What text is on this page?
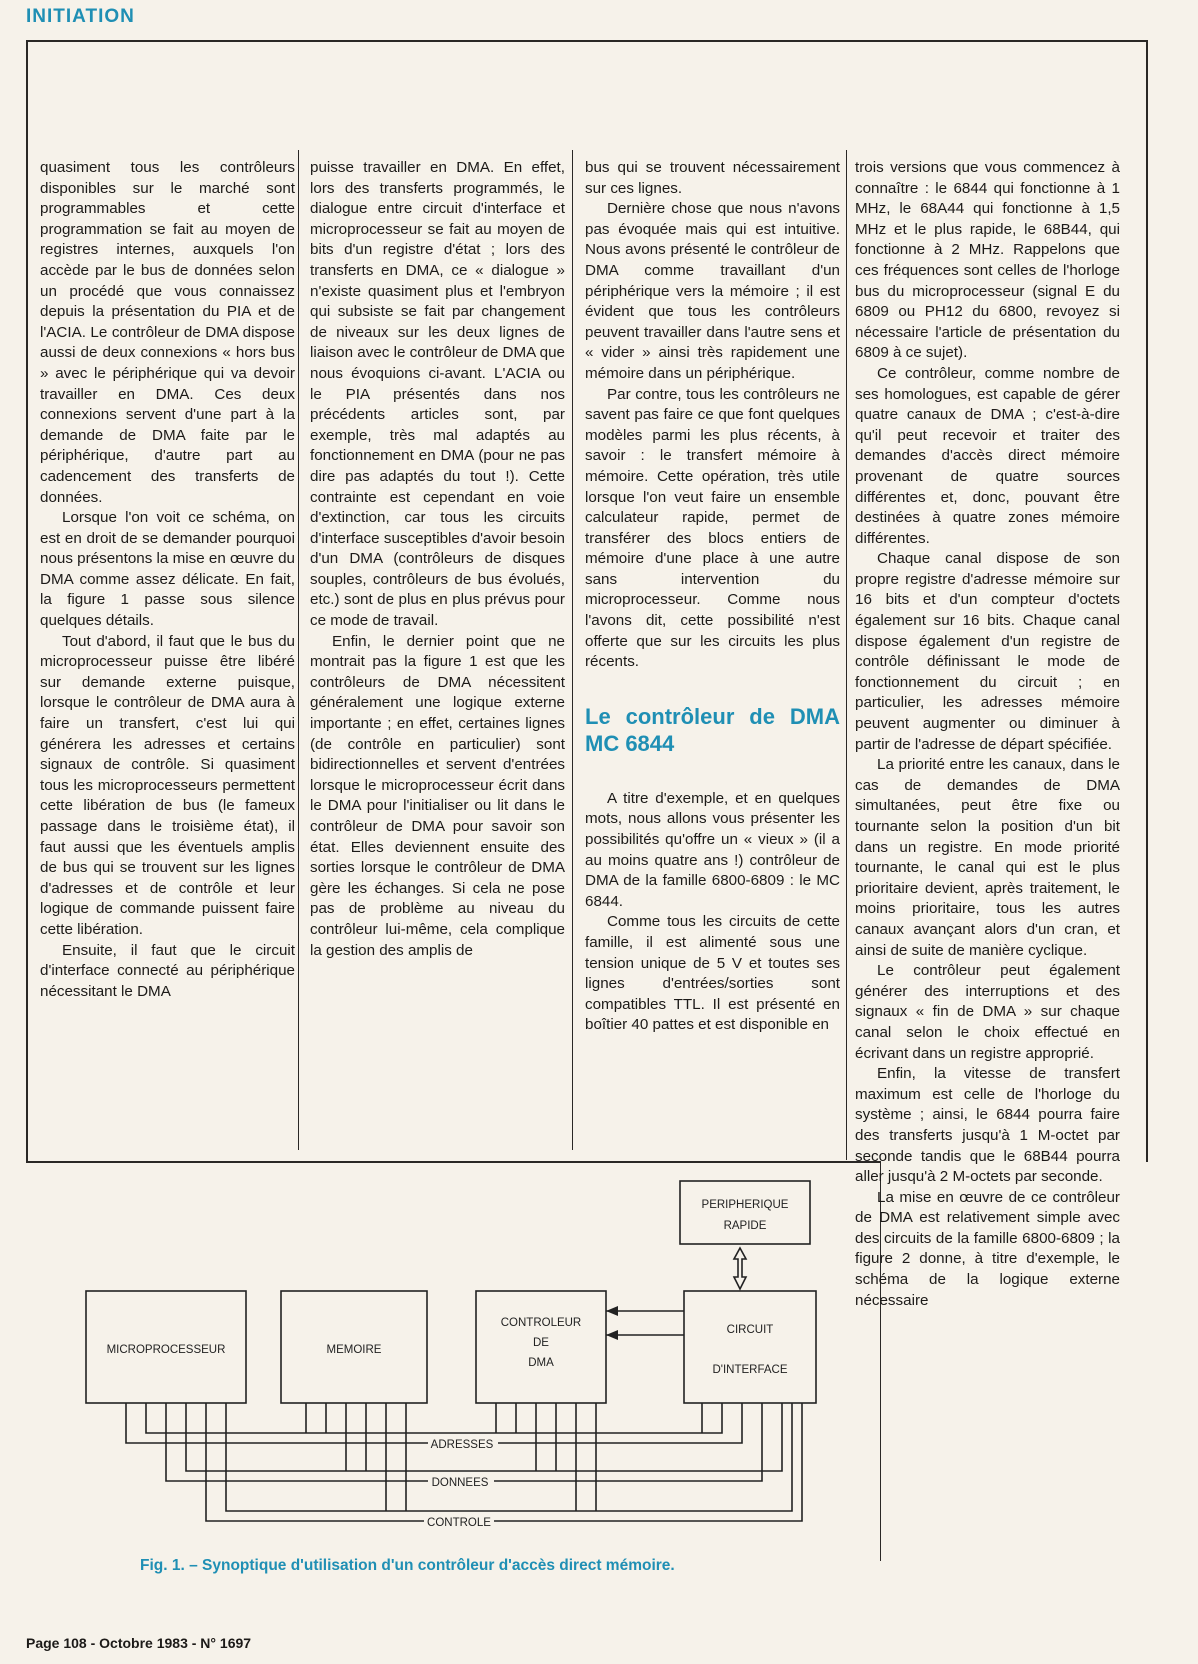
INITIATION

quasiment tous les contrôleurs disponibles sur le marché sont programmables et cette programmation se fait au moyen de registres internes, auxquels l'on accède par le bus de données selon un procédé que vous connaissez depuis la présentation du PIA et de l'ACIA. Le contrôleur de DMA dispose aussi de deux connexions « hors bus » avec le périphérique qui va devoir travailler en DMA. Ces deux connexions servent d'une part à la demande de DMA faite par le périphérique, d'autre part au cadencement des transferts de données.

Lorsque l'on voit ce schéma, on est en droit de se demander pourquoi nous présentons la mise en œuvre du DMA comme assez délicate. En fait, la figure 1 passe sous silence quelques détails.

Tout d'abord, il faut que le bus du microprocesseur puisse être libéré sur demande externe puisque, lorsque le contrôleur de DMA aura à faire un transfert, c'est lui qui générera les adresses et certains signaux de contrôle. Si quasiment tous les microprocesseurs permettent cette libération de bus (le fameux passage dans le troisième état), il faut aussi que les éventuels amplis de bus qui se trouvent sur les lignes d'adresses et de contrôle et leur logique de commande puissent faire cette libération.

Ensuite, il faut que le circuit d'interface connecté au périphérique nécessitant le DMA

puisse travailler en DMA. En effet, lors des transferts programmés, le dialogue entre circuit d'interface et microprocesseur se fait au moyen de bits d'un registre d'état ; lors des transferts en DMA, ce « dialogue » n'existe quasiment plus et l'embryon qui subsiste se fait par changement de niveaux sur les deux lignes de liaison avec le contrôleur de DMA que nous évoquions ci-avant. L'ACIA ou le PIA présentés dans nos précédents articles sont, par exemple, très mal adaptés au fonctionnement en DMA (pour ne pas dire pas adaptés du tout !). Cette contrainte est cependant en voie d'extinction, car tous les circuits d'interface susceptibles d'avoir besoin d'un DMA (contrôleurs de disques souples, contrôleurs de bus évolués, etc.) sont de plus en plus prévus pour ce mode de travail.

Enfin, le dernier point que ne montrait pas la figure 1 est que les contrôleurs de DMA nécessitent généralement une logique externe importante ; en effet, certaines lignes (de contrôle en particulier) sont bidirectionnelles et servent d'entrées lorsque le microprocesseur écrit dans le DMA pour l'initialiser ou lit dans le contrôleur de DMA pour savoir son état. Elles deviennent ensuite des sorties lorsque le contrôleur de DMA gère les échanges. Si cela ne pose pas de problème au niveau du contrôleur lui-même, cela complique la gestion des amplis de

bus qui se trouvent nécessairement sur ces lignes.

Dernière chose que nous n'avons pas évoquée mais qui est intuitive. Nous avons présenté le contrôleur de DMA comme travaillant d'un périphérique vers la mémoire ; il est évident que tous les contrôleurs peuvent travailler dans l'autre sens et « vider » ainsi très rapidement une mémoire dans un périphérique.

Par contre, tous les contrôleurs ne savent pas faire ce que font quelques modèles parmi les plus récents, à savoir : le transfert mémoire à mémoire. Cette opération, très utile lorsque l'on veut faire un ensemble calculateur rapide, permet de transférer des blocs entiers de mémoire d'une place à une autre sans intervention du microprocesseur. Comme nous l'avons dit, cette possibilité n'est offerte que sur les circuits les plus récents.

Le contrôleur de DMA MC 6844

A titre d'exemple, et en quelques mots, nous allons vous présenter les possibilités qu'offre un « vieux » (il a au moins quatre ans !) contrôleur de DMA de la famille 6800-6809 : le MC 6844.

Comme tous les circuits de cette famille, il est alimenté sous une tension unique de 5 V et toutes ses lignes d'entrées/sorties sont compatibles TTL. Il est présenté en boîtier 40 pattes et est disponible en

trois versions que vous commencez à connaître : le 6844 qui fonctionne à 1 MHz, le 68A44 qui fonctionne à 1,5 MHz et le plus rapide, le 68B44, qui fonctionne à 2 MHz. Rappelons que ces fréquences sont celles de l'horloge bus du microprocesseur (signal E du 6809 ou PH12 du 6800, revoyez si nécessaire l'article de présentation du 6809 à ce sujet).

Ce contrôleur, comme nombre de ses homologues, est capable de gérer quatre canaux de DMA ; c'est-à-dire qu'il peut recevoir et traiter des demandes d'accès direct mémoire provenant de quatre sources différentes et, donc, pouvant être destinées à quatre zones mémoire différentes.

Chaque canal dispose de son propre registre d'adresse mémoire sur 16 bits et d'un compteur d'octets également sur 16 bits. Chaque canal dispose également d'un registre de contrôle définissant le mode de fonctionnement du circuit ; en particulier, les adresses mémoire peuvent augmenter ou diminuer à partir de l'adresse de départ spécifiée.

La priorité entre les canaux, dans le cas de demandes de DMA simultanées, peut être fixe ou tournante selon la position d'un bit dans un registre. En mode priorité tournante, le canal qui est le plus prioritaire devient, après traitement, le moins prioritaire, tous les autres canaux avançant alors d'un cran, et ainsi de suite de manière cyclique.

Le contrôleur peut également générer des interruptions et des signaux « fin de DMA » sur chaque canal selon le choix effectué en écrivant dans un registre approprié.

Enfin, la vitesse de transfert maximum est celle de l'horloge du système ; ainsi, le 6844 pourra faire des transferts jusqu'à 1 M-octet par seconde tandis que le 68B44 pourra aller jusqu'à 2 M-octets par seconde.

La mise en œuvre de ce contrôleur de DMA est relativement simple avec des circuits de la famille 6800-6809 ; la figure 2 donne, à titre d'exemple, le schéma de la logique externe nécessaire

MICROPROCESSEUR	MEMOIRE
CONTROLEUR
DE
DMA
CIRCUIT
D'INTERFACE
PERIPHERIQUE
RAPIDE
ADRESSES
DONNEES
CONTROLE
Fig. 1. – Synoptique d'utilisation d'un contrôleur d'accès direct mémoire.
Page 108 - Octobre 1983 - N° 1697
